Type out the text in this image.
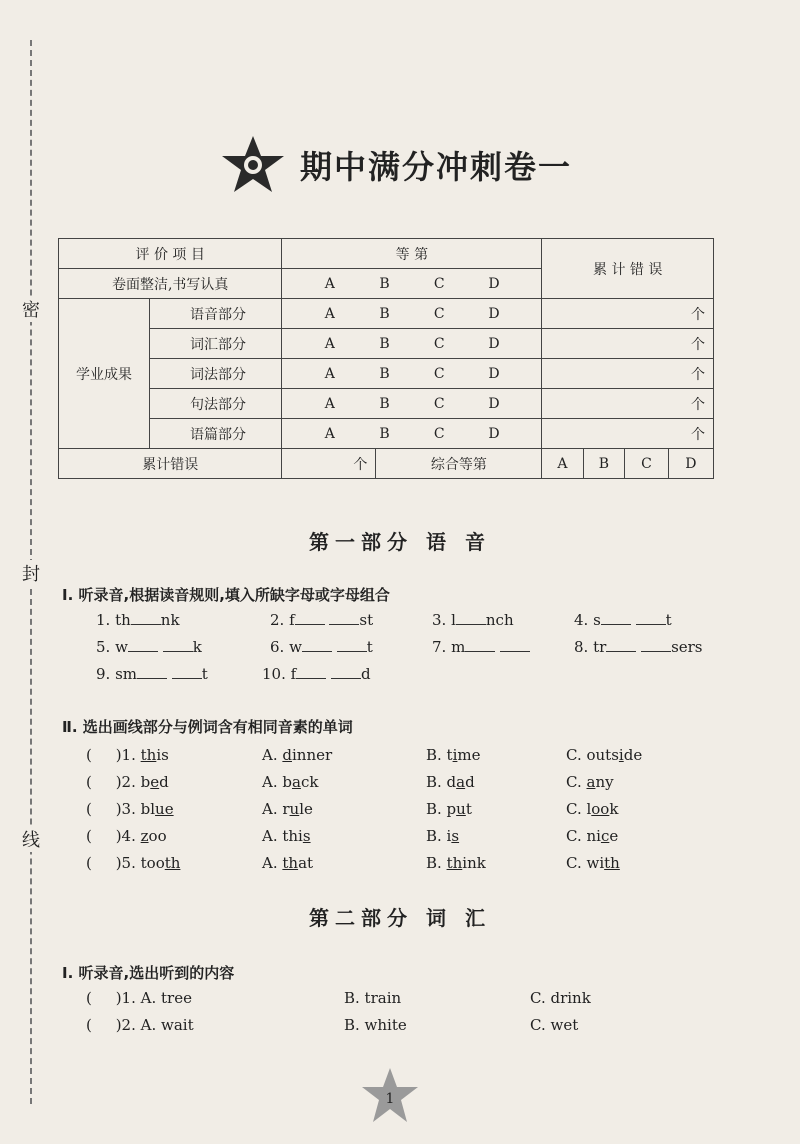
密
封
线
期中满分冲刺卷一
评 价 项 目		等 第		累 计 错 误			
卷面整洁,书写认真		A B C D					

学业成果	语音部分	A B C D		个			
	词汇部分	A B C D		个			
	词法部分	A B C D		个			
	句法部分	A B C D		个			
	语篇部分	A B C D		个			
累计错误		个	综合等第	A	B	C	D
第一部分 语 音
Ⅰ. 听录音,根据读音规则,填入所缺字母或字母组合
1. th nk	2. f	st	3. l nch	4. s	t
5. w	k	6. w	t	7. m	8. tr	sers
9. sm	t	10. f	d
Ⅱ. 选出画线部分与例词含有相同音素的单词
(     )1. this	A. dinner	B. time	C. outside
(     )2. bed	A. back	B. dad	C. any
(     )3. blue	A. rule	B. put	C. look
(     )4. zoo	A. this	B. is	C. nice
(     )5. tooth	A. that	B. think	C. with
第二部分 词 汇
Ⅰ. 听录音,选出听到的内容
(     )1. A. tree	B. train	C. drink
(     )2. A. wait	B. white	C. wet
1
